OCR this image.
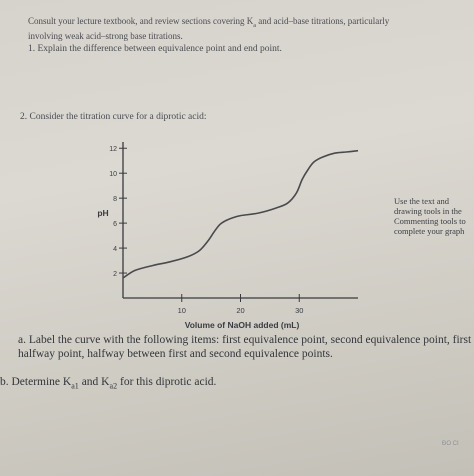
Consult your lecture textbook, and review sections covering $K_a$ and acid–base titrations, particularly
involving weak acid–strong base titrations.
1. Explain the difference between equivalence point and end point.
2. Consider the titration curve for a diprotic acid:
2
4
6
8
10
12
10	20	30
Volume of NaOH added (mL)
pH
Use the text and
drawing tools in the
Commenting tools to
complete your graph
a. Label the curve with the following items: first equivalence point, second equivalence point, first halfway point, halfway between first and second equivalence points.
b. Determine $K_{a1}$ and $K_{a2}$ for this diprotic acid.
ĐO CI
